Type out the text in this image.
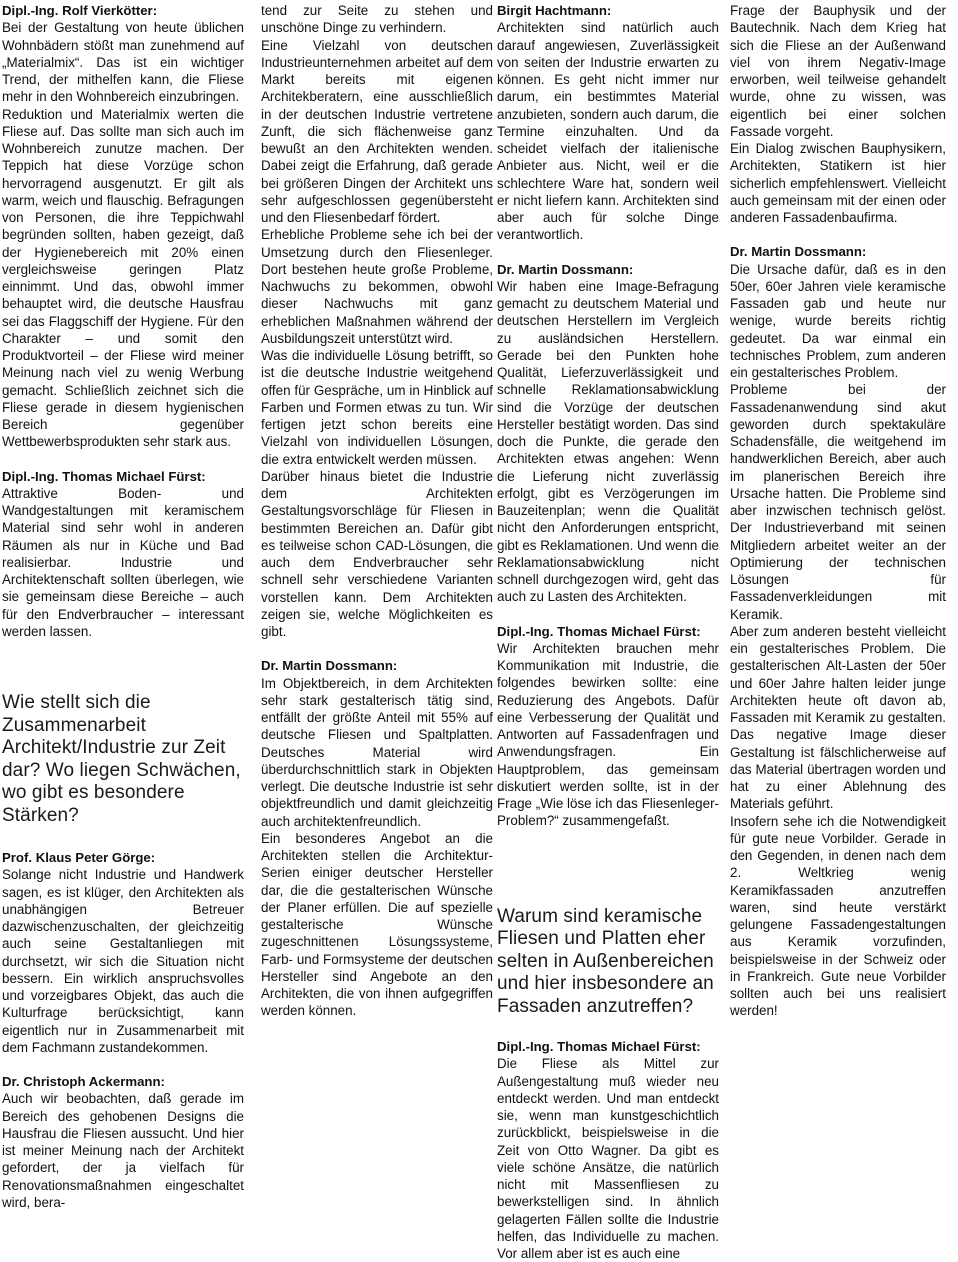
Dipl.-Ing. Rolf Vierkötter:
Bei der Gestaltung von heute üblichen Wohnbädern stößt man zunehmend auf „Materialmix“. Das ist ein wichtiger Trend, der mithelfen kann, die Fliese mehr in den Wohnbereich einzubringen.
Reduktion und Materialmix werten die Fliese auf. Das sollte man sich auch im Wohnbereich zunutze machen. Der Teppich hat diese Vorzüge schon hervorragend ausgenutzt. Er gilt als warm, weich und flauschig. Befragungen von Personen, die ihre Teppichwahl begründen sollten, haben gezeigt, daß der Hygienebereich mit 20% einen vergleichsweise geringen Platz einnimmt. Und das, obwohl immer behauptet wird, die deutsche Hausfrau sei das Flaggschiff der Hygiene. Für den Charakter – und somit den Produktvorteil – der Fliese wird meiner Meinung nach viel zu wenig Werbung gemacht. Schließlich zeichnet sich die Fliese gerade in diesem hygienischen Bereich gegenüber Wettbewerbsprodukten sehr stark aus.
Dipl.-Ing. Thomas Michael Fürst:
Attraktive Boden- und Wandgestaltungen mit keramischem Material sind sehr wohl in anderen Räumen als nur in Küche und Bad realisierbar. Industrie und Architektenschaft sollten überlegen, wie sie gemeinsam diese Bereiche – auch für den Endverbraucher – interessant werden lassen.
Wie stellt sich die Zusammenarbeit Architekt/Industrie zur Zeit dar? Wo liegen Schwächen, wo gibt es besondere Stärken?
Prof. Klaus Peter Görge:
Solange nicht Industrie und Handwerk sagen, es ist klüger, den Architekten als unabhängigen Betreuer dazwischenzuschalten, der gleichzeitig auch seine Gestaltanliegen mit durchsetzt, wir sich die Situation nicht bessern. Ein wirklich anspruchsvolles und vorzeigbares Objekt, das auch die Kulturfrage berücksichtigt, kann eigentlich nur in Zusammenarbeit mit dem Fachmann zustandekommen.
Dr. Christoph Ackermann:
Auch wir beobachten, daß gerade im Bereich des gehobenen Designs die Hausfrau die Fliesen aussucht. Und hier ist meiner Meinung nach der Architekt gefordert, der ja vielfach für Renovationsmaßnahmen eingeschaltet wird, bera-
tend zur Seite zu stehen und unschöne Dinge zu verhindern.
Eine Vielzahl von deutschen Industrieunternehmen arbeitet auf dem Markt bereits mit eigenen Architekberatern, eine ausschließlich in der deutschen Industrie vertretene Zunft, die sich flächenweise ganz bewußt an den Architekten wenden. Dabei zeigt die Erfahrung, daß gerade bei größeren Dingen der Architekt uns sehr aufgeschlossen gegenübersteht und den Fliesenbedarf fördert.
Erhebliche Probleme sehe ich bei der Umsetzung durch den Fliesenleger. Dort bestehen heute große Probleme, Nachwuchs zu bekommen, obwohl dieser Nachwuchs mit ganz erheblichen Maßnahmen während der Ausbildungszeit unterstützt wird.
Was die individuelle Lösung betrifft, so ist die deutsche Industrie weitgehend offen für Gespräche, um in Hinblick auf Farben und Formen etwas zu tun. Wir fertigen jetzt schon bereits eine Vielzahl von individuellen Lösungen, die extra entwickelt werden müssen.
Darüber hinaus bietet die Industrie dem Architekten Gestaltungsvorschläge für Fliesen in bestimmten Bereichen an. Dafür gibt es teilweise schon CAD-Lösungen, die auch dem Endverbraucher sehr schnell sehr verschiedene Varianten vorstellen kann. Dem Architekten zeigen sie, welche Möglichkeiten es gibt.
Dr. Martin Dossmann:
Im Objektbereich, in dem Architekten sehr stark gestalterisch tätig sind, entfällt der größte Anteil mit 55% auf deutsche Fliesen und Spaltplatten. Deutsches Material wird überdurchschnittlich stark in Objekten verlegt. Die deutsche Industrie ist sehr objektfreundlich und damit gleichzeitig auch architektenfreundlich.
Ein besonderes Angebot an die Architekten stellen die Architektur-Serien einiger deutscher Hersteller dar, die die gestalterischen Wünsche der Planer erfüllen. Die auf spezielle gestalterische Wünsche zugeschnittenen Lösungssysteme, Farb- und Formsysteme der deutschen Hersteller sind Angebote an den Architekten, die von ihnen aufgegriffen werden können.
Birgit Hachtmann:
Architekten sind natürlich auch darauf angewiesen, Zuverlässigkeit von seiten der Industrie erwarten zu können. Es geht nicht immer nur darum, ein bestimmtes Material anzubieten, sondern auch darum, die Termine einzuhalten. Und da scheidet vielfach der italienische Anbieter aus. Nicht, weil er die schlechtere Ware hat, sondern weil er nicht liefern kann. Architekten sind aber auch für solche Dinge verantwortlich.
Dr. Martin Dossmann:
Wir haben eine Image-Befragung gemacht zu deutschem Material und deutschen Herstellern im Vergleich zu ausländsichen Herstellern. Gerade bei den Punkten hohe Qualität, Lieferzuverlässigkeit und schnelle Reklamationsabwicklung sind die Vorzüge der deutschen Hersteller bestätigt worden. Das sind doch die Punkte, die gerade den Architekten etwas angehen: Wenn die Lieferung nicht zuverlässig erfolgt, gibt es Verzögerungen im Bauzeitenplan; wenn die Qualität nicht den Anforderungen entspricht, gibt es Reklamationen. Und wenn die Reklamationsabwicklung nicht schnell durchgezogen wird, geht das auch zu Lasten des Architekten.
Dipl.-Ing. Thomas Michael Fürst:
Wir Architekten brauchen mehr Kommunikation mit Industrie, die folgendes bewirken sollte: eine Reduzierung des Angebots. Dafür eine Verbesserung der Qualität und Antworten auf Fassadenfragen und Anwendungsfragen. Ein Hauptproblem, das gemeinsam diskutiert werden sollte, ist in der Frage „Wie löse ich das Fliesenleger-Problem?“ zusammengefaßt.
Warum sind keramische Fliesen und Platten eher selten in Außenbereichen und hier insbesondere an Fassaden anzutreffen?
Dipl.-Ing. Thomas Michael Fürst:
Die Fliese als Mittel zur Außengestaltung muß wieder neu entdeckt werden. Und man entdeckt sie, wenn man kunstgeschichtlich zurückblickt, beispielsweise in die Zeit von Otto Wagner. Da gibt es viele schöne Ansätze, die natürlich nicht mit Massenfliesen zu bewerkstelligen sind. In ähnlich gelagerten Fällen sollte die Industrie helfen, das Individuelle zu machen. Vor allem aber ist es auch eine
Frage der Bauphysik und der Bautechnik. Nach dem Krieg hat sich die Fliese an der Außenwand viel von ihrem Negativ-Image erworben, weil teilweise gehandelt wurde, ohne zu wissen, was eigentlich bei einer solchen Fassade vorgeht.
Ein Dialog zwischen Bauphysikern, Architekten, Statikern ist hier sicherlich empfehlenswert. Vielleicht auch gemeinsam mit der einen oder anderen Fassadenbaufirma.
Dr. Martin Dossmann:
Die Ursache dafür, daß es in den 50er, 60er Jahren viele keramische Fassaden gab und heute nur wenige, wurde bereits richtig gedeutet. Da war einmal ein technisches Problem, zum anderen ein gestalterisches Problem.
Probleme bei der Fassadenanwendung sind akut geworden durch spektakuläre Schadensfälle, die weitgehend im handwerklichen Bereich, aber auch im planerischen Bereich ihre Ursache hatten. Die Probleme sind aber inzwischen technisch gelöst. Der Industrieverband mit seinen Mitgliedern arbeitet weiter an der Optimierung der technischen Lösungen für Fassadenverkleidungen mit Keramik.
Aber zum anderen besteht vielleicht ein gestalterisches Problem. Die gestalterischen Alt-Lasten der 50er und 60er Jahre halten leider junge Architekten heute oft davon ab, Fassaden mit Keramik zu gestalten. Das negative Image dieser Gestaltung ist fälschlicherweise auf das Material übertragen worden und hat zu einer Ablehnung des Materials geführt.
Insofern sehe ich die Notwendigkeit für gute neue Vorbilder. Gerade in den Gegenden, in denen nach dem 2. Weltkrieg wenig Keramikfassaden anzutreffen waren, sind heute verstärkt gelungene Fassadengestaltungen aus Keramik vorzufinden, beispielsweise in der Schweiz oder in Frankreich. Gute neue Vorbilder sollten auch bei uns realisiert werden!
